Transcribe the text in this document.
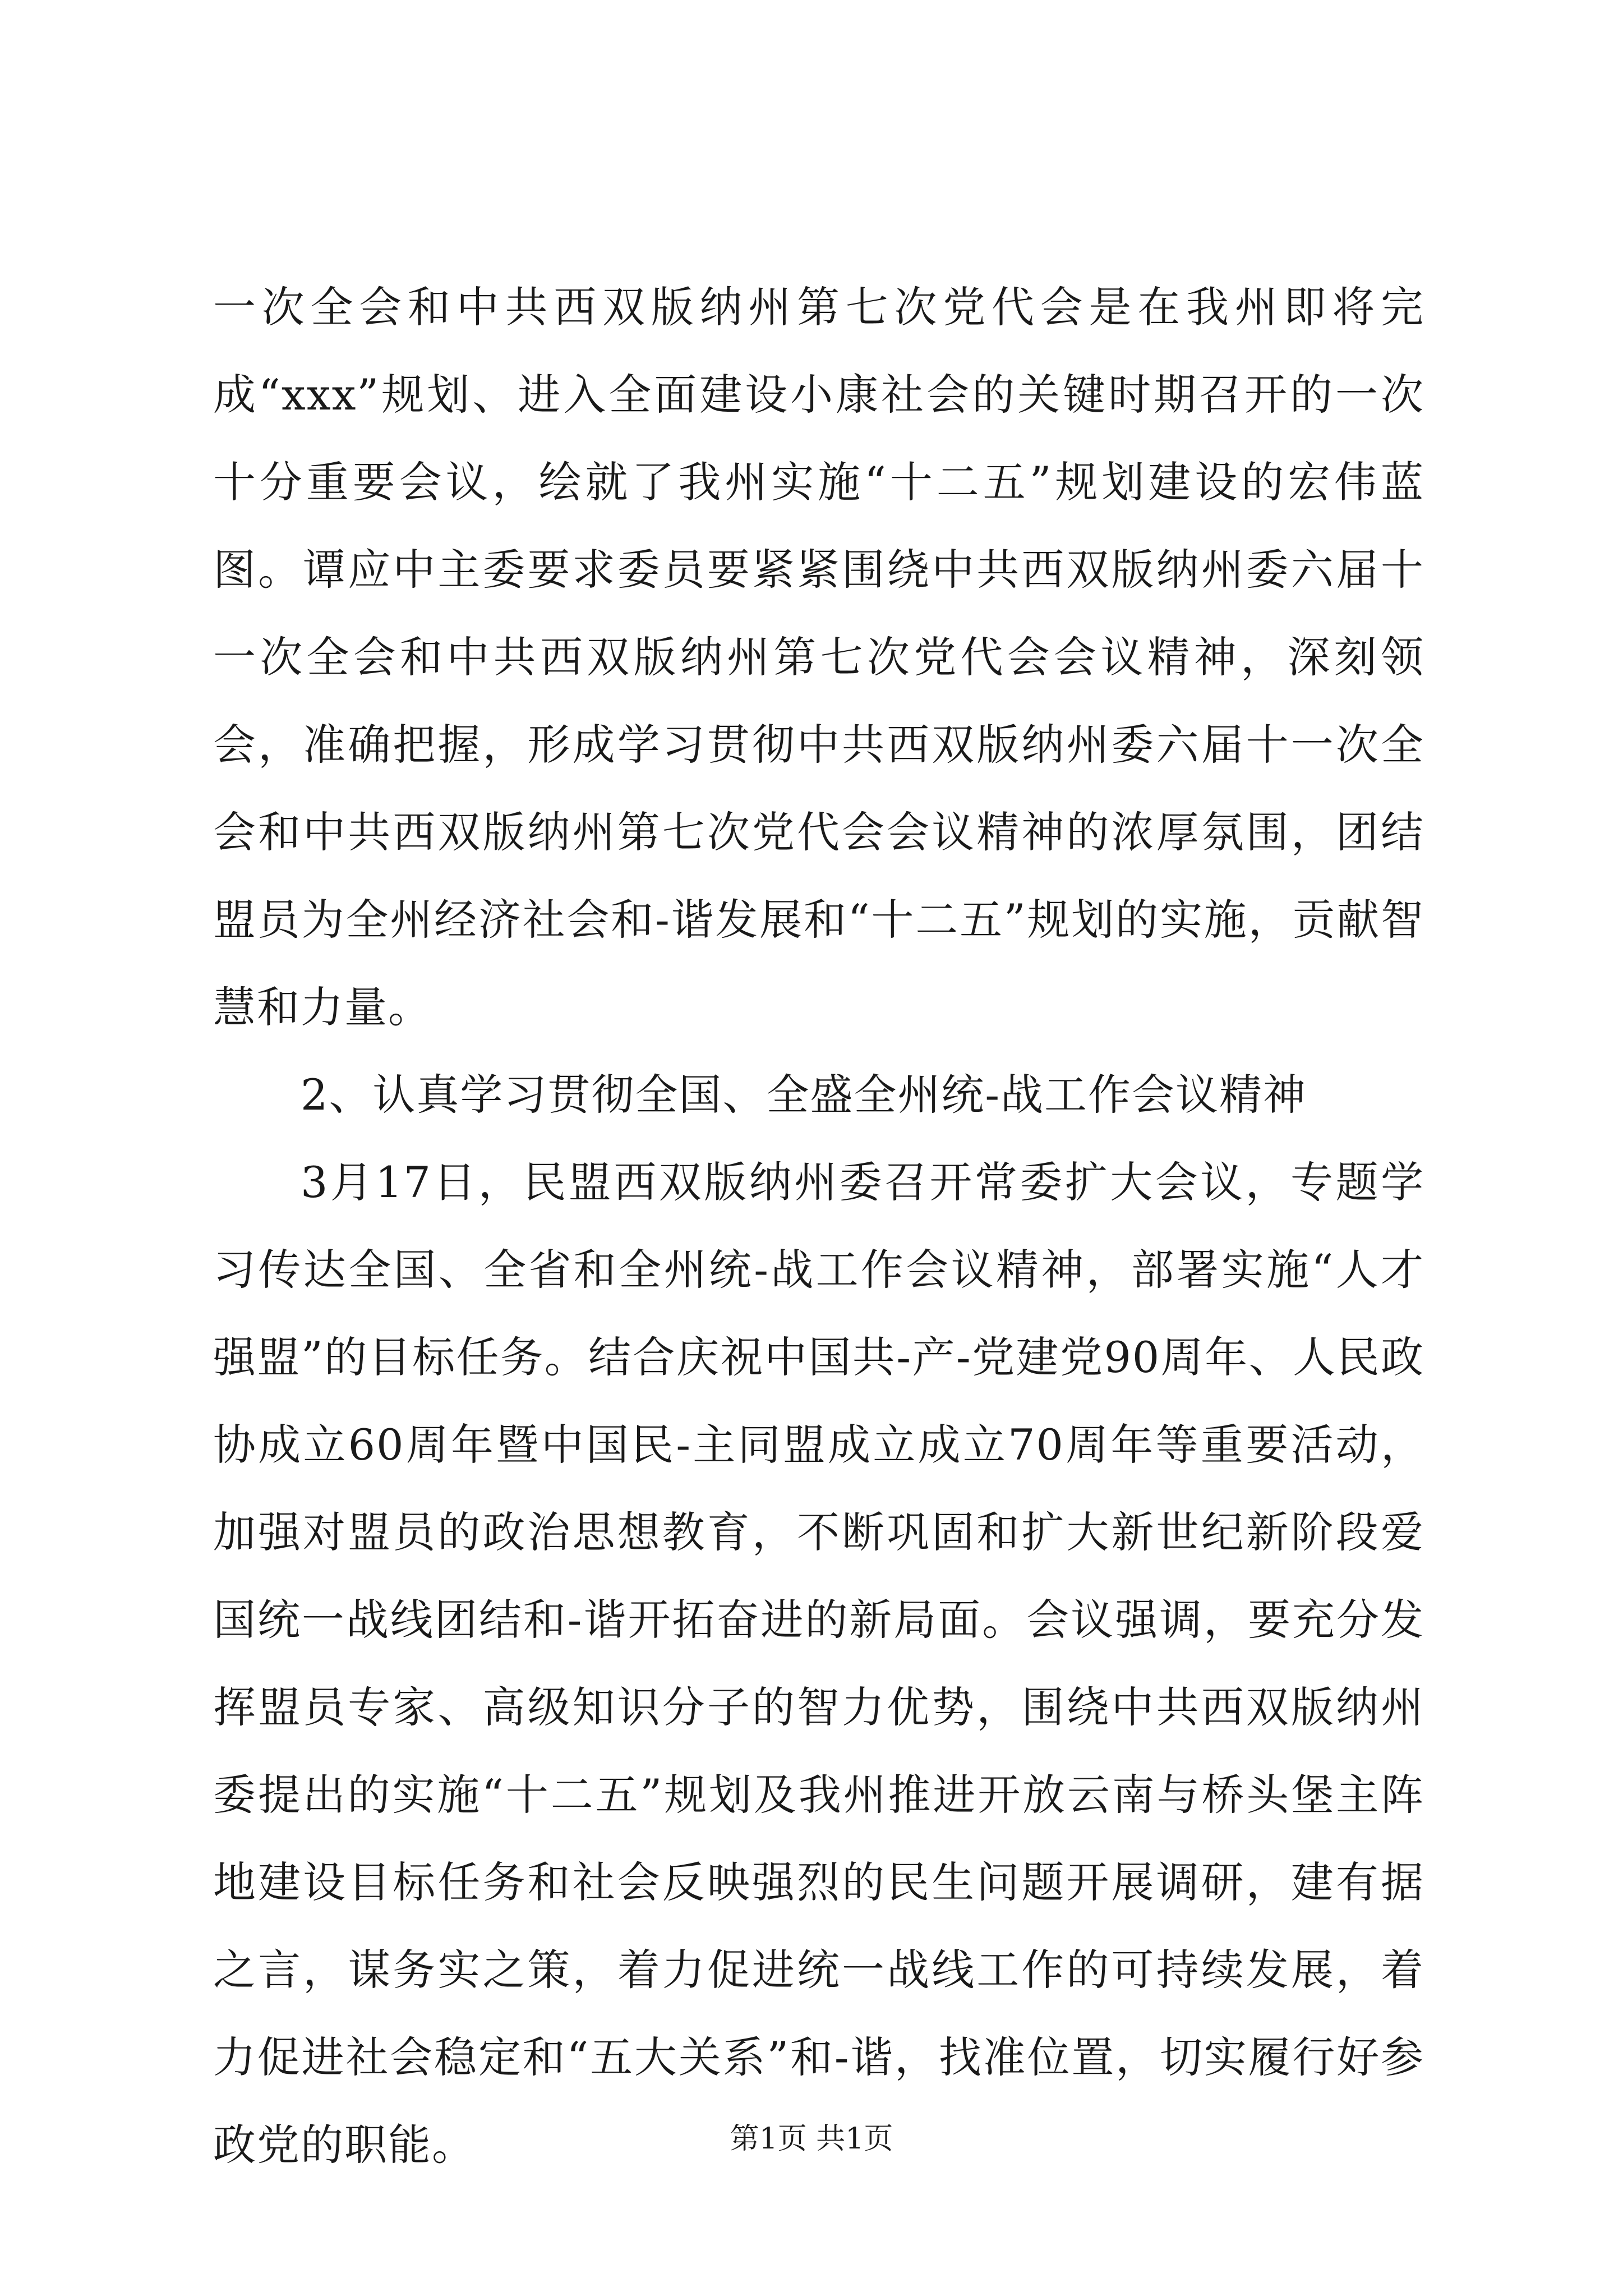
一次全会和中共西双版纳州第七次党代会是在我州即将完成“xxx”规划、进入全面建设小康社会的关键时期召开的一次十分重要会议，绘就了我州实施“十二五”规划建设的宏伟蓝图。谭应中主委要求委员要紧紧围绕中共西双版纳州委六届十一次全会和中共西双版纳州第七次党代会会议精神，深刻领会，准确把握，形成学习贯彻中共西双版纳州委六届十一次全会和中共西双版纳州第七次党代会会议精神的浓厚氛围，团结盟员为全州经济社会和-谐发展和“十二五”规划的实施，贡献智慧和力量。

2、认真学习贯彻全国、全盛全州统-战工作会议精神

3月17日，民盟西双版纳州委召开常委扩大会议，专题学习传达全国、全省和全州统-战工作会议精神，部署实施“人才强盟”的目标任务。结合庆祝中国共-产-党建党90周年、人民政协成立60周年暨中国民-主同盟成立成立70周年等重要活动，加强对盟员的政治思想教育，不断巩固和扩大新世纪新阶段爱国统一战线团结和-谐开拓奋进的新局面。会议强调，要充分发挥盟员专家、高级知识分子的智力优势，围绕中共西双版纳州委提出的实施“十二五”规划及我州推进开放云南与桥头堡主阵地建设目标任务和社会反映强烈的民生问题开展调研，建有据之言，谋务实之策，着力促进统一战线工作的可持续发展，着力促进社会稳定和“五大关系”和-谐，找准位置，切实履行好参政党的职能。	第1页 共1页
